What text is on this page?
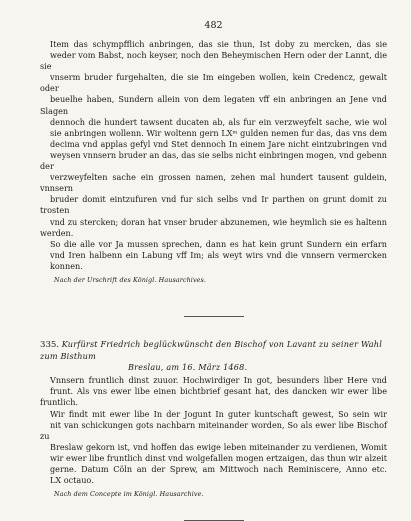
482
Item das schympfflich anbringen, das sie thun, Ist doby zu mercken, das sie
weder vom Babst, noch keyser, noch den Beheymischen Hern oder der Lannt, die sie
vnserm bruder furgehalten, die sie Im eingeben wollen, kein Credencz, gewalt oder
beuelhe haben, Sundern allein von dem legaten vff ein anbringen an Jene vnd Slagen
dennoch die hundert tawsent ducaten ab, als fur ein verzweyfelt sache, wie wol
sie anbringen wollenn. Wir woltenn gern LXᵐ gulden nemen fur das, das vns dem
decima vnd applas gefyl vnd Stet dennoch In einem Jare nicht eintzubringen vnd
weysen vnnsern bruder an das, das sie selbs nicht einbringen mogen, vnd gebenn der
verzweyfelten sache ein grossen namen, zehen mal hundert tausent guldein, vnnsern
bruder domit eintzufuren vnd fur sich selbs vnd Ir parthen on grunt domit zu trosten
vnd zu stercken; doran hat vnser bruder abzunemen, wie heymlich sie es haltenn werden.
So die alle vor Ja mussen sprechen, dann es hat kein grunt Sundern ein erfarn
vnd Iren halbenn ein Labung vff Im; als weyt wirs vnd die vnnsern vermercken
konnen.
Nach der Urschrift des Königl. Hausarchives.
335. Kurfürst Friedrich beglückwünscht den Bischof von Lavant zu seiner Wahl zum Bisthum
Breslau, am 16. März 1468.
Vnnsern fruntlich dinst zuuor. Hochwirdiger In got, besunders liber Here vnd
frunt. Als vns ewer libe einen bichtbrief gesant hat, des dancken wir ewer libe fruntlich.
Wir findt mit ewer libe In der Jogunt In guter kuntschaft gewest, So sein wir
nit van schickungen gots nachbarn miteinander worden, So als ewer libe Bischof zu
Breslaw gekorn ist, vnd hoffen das ewige leben miteinander zu verdienen, Womit
wir ewer libe fruntlich dinst vnd wolgefallen mogen ertzaigen, das thun wir alzeit
gerne. Datum Cöln an der Sprew, am Mittwoch nach Reminiscere, Anno etc.
LX octauo.
Nach dem Concepte im Königl. Hausarchive.
